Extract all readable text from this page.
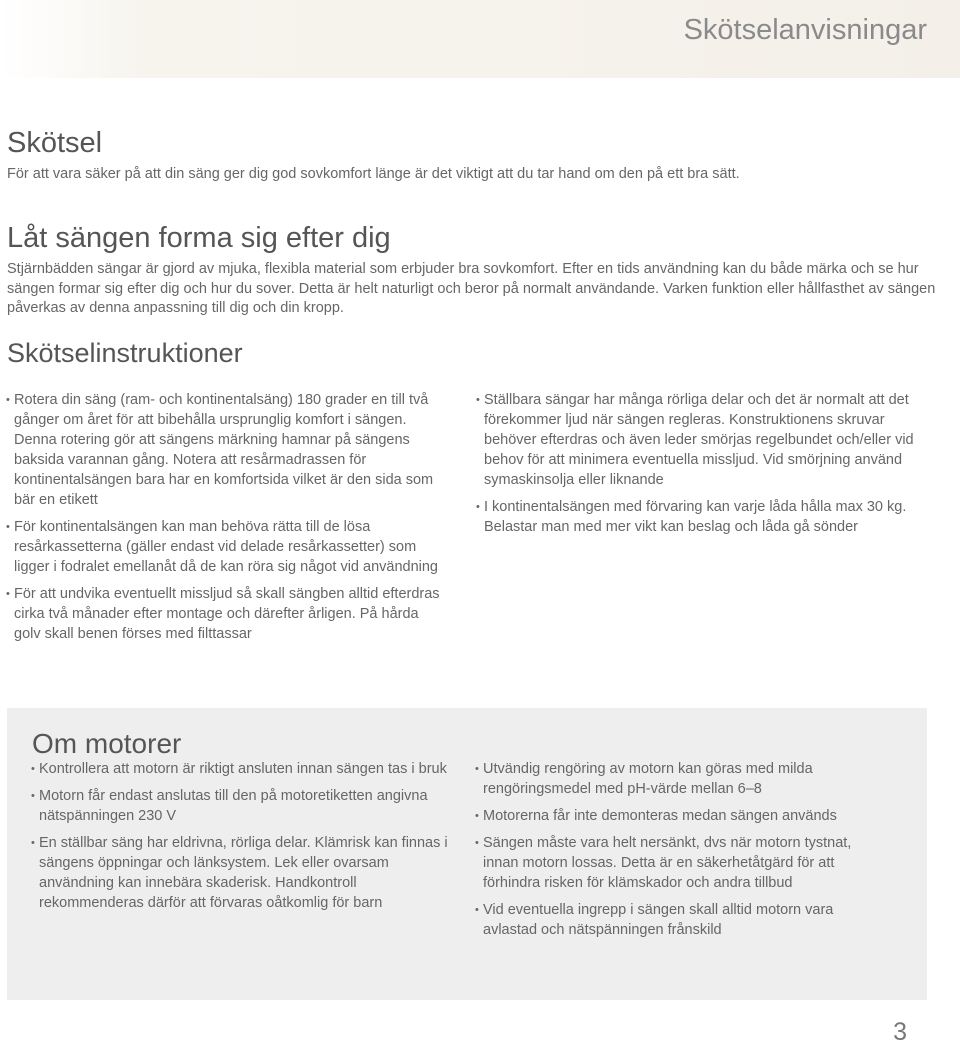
Skötselanvisningar
Skötsel

För att vara säker på att din säng ger dig god sovkomfort länge är det viktigt att du tar hand om den på ett bra sätt.

Låt sängen forma sig efter dig

Stjärnbädden sängar är gjord av mjuka, flexibla material som erbjuder bra sovkomfort. Efter en tids användning kan du både märka och se hur sängen formar sig efter dig och hur du sover. Detta är helt naturligt och beror på normalt användande. Varken funktion eller hållfasthet av sängen påverkas av denna anpassning till dig och din kropp.

Skötselinstruktioner
• Rotera din säng (ram- och kontinentalsäng) 180 grader en till två gånger om året för att bibehålla ursprunglig komfort i sängen. Denna rotering gör att sängens märkning hamnar på sängens baksida varannan gång. Notera att resårmadrassen för kontinentalsängen bara har en komfortsida vilket är den sida som bär en etikett
• För kontinentalsängen kan man behöva rätta till de lösa resårkassetterna (gäller endast vid delade resårkassetter) som ligger i fodralet emellanåt då de kan röra sig något vid användning
• För att undvika eventuellt missljud så skall sängben alltid efterdras cirka två månader efter montage och därefter årligen. På hårda golv skall benen förses med filttassar
• Ställbara sängar har många rörliga delar och det är normalt att det förekommer ljud när sängen regleras. Konstruktionens skruvar behöver efterdras och även leder smörjas regelbundet och/eller vid behov för att minimera eventuella missljud. Vid smörjning använd symaskinsolja eller liknande
• I kontinentalsängen med förvaring kan varje låda hålla max 30 kg. Belastar man med mer vikt kan beslag och låda gå sönder
Om motorer
• Kontrollera att motorn är riktigt ansluten innan sängen tas i bruk
• Motorn får endast anslutas till den på motoretiketten angivna nätspänningen 230 V
• En ställbar säng har eldrivna, rörliga delar. Klämrisk kan finnas i sängens öppningar och länksystem. Lek eller ovarsam användning kan innebära skaderisk. Handkontroll rekommenderas därför att förvaras oåtkomlig för barn
• Utvändig rengöring av motorn kan göras med milda rengöringsmedel med pH-värde mellan 6–8
• Motorerna får inte demonteras medan sängen används
• Sängen måste vara helt nersänkt, dvs när motorn tystnat, innan motorn lossas. Detta är en säkerhetåtgärd för att förhindra risken för klämskador och andra tillbud
• Vid eventuella ingrepp i sängen skall alltid motorn vara avlastad och nätspänningen frånskild
3
